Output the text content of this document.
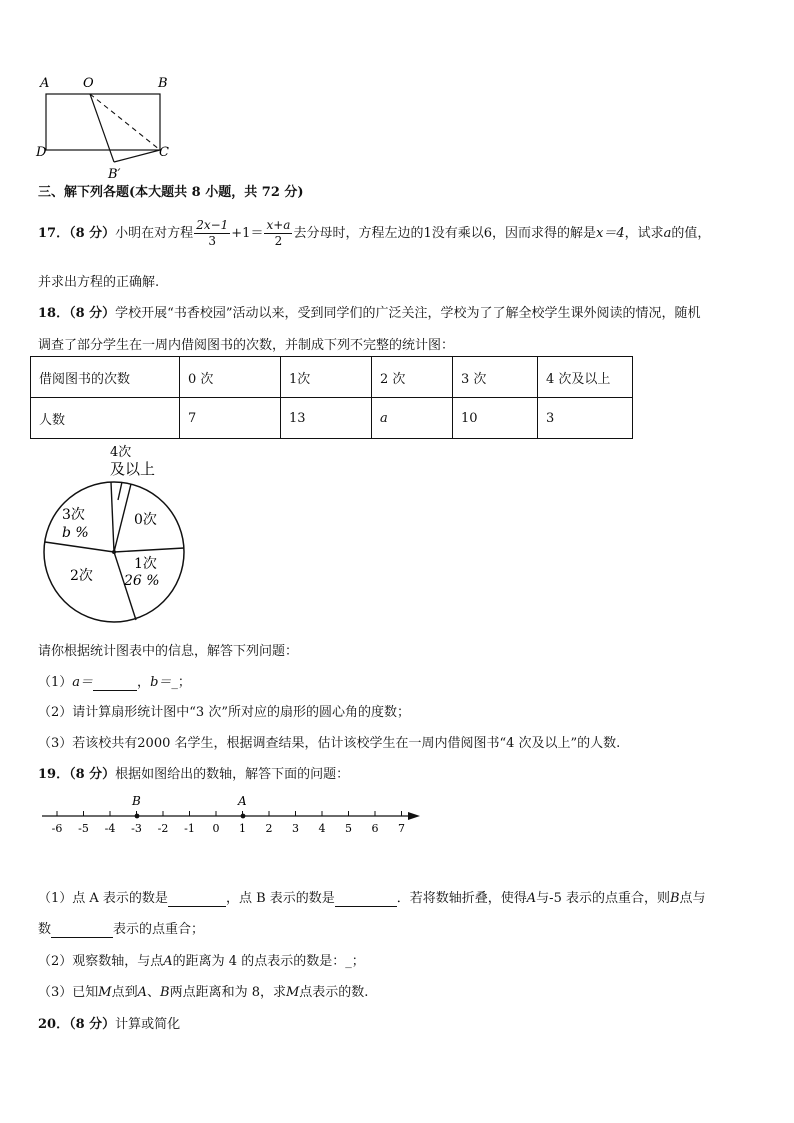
A	O	B
D	C
B′
三、解下列各题(本大题共 8 小题，共 72 分)
17．（8 分）小明在对方程 $\frac{2x-1}{3} +1= \frac{x+a}{2}$ 去分母时，方程左边的1没有乘以6，因而求得的解是x＝4，试求a的值，
并求出方程的正确解.
18．（8 分）学校开展“书香校园”活动以来，受到同学们的广泛关注，学校为了了解全校学生课外阅读的情况，随机
调查了部分学生在一周内借阅图书的次数，并制成下列不完整的统计图：
借阅图书的次数	0 次	1次	2 次	3 次	4 次及以上
人数	7	13	a	10	3
4次
及以上
3次
b %
0次
1次
26 %
2次
请你根据统计图表中的信息，解答下列问题：
（1）a＝	，b＝_；
（2）请计算扇形统计图中“3 次”所对应的扇形的圆心角的度数；
（3）若该校共有2000 名学生，根据调查结果，估计该校学生在一周内借阅图书“4 次及以上”的人数.
19．（8 分）根据如图给出的数轴，解答下面的问题：
-6 -5 -4 -3 -2 -1 0 1 2 3 4 5 6 7
B	A
（1）点 A 表示的数是	，点 B 表示的数是	．若将数轴折叠，使得A与-5 表示的点重合，则B点与
数	表示的点重合；
（2）观察数轴，与点A的距离为 4 的点表示的数是：_；
（3）已知M点到A、B两点距离和为 8，求M点表示的数.
20．（8 分）计算或简化
